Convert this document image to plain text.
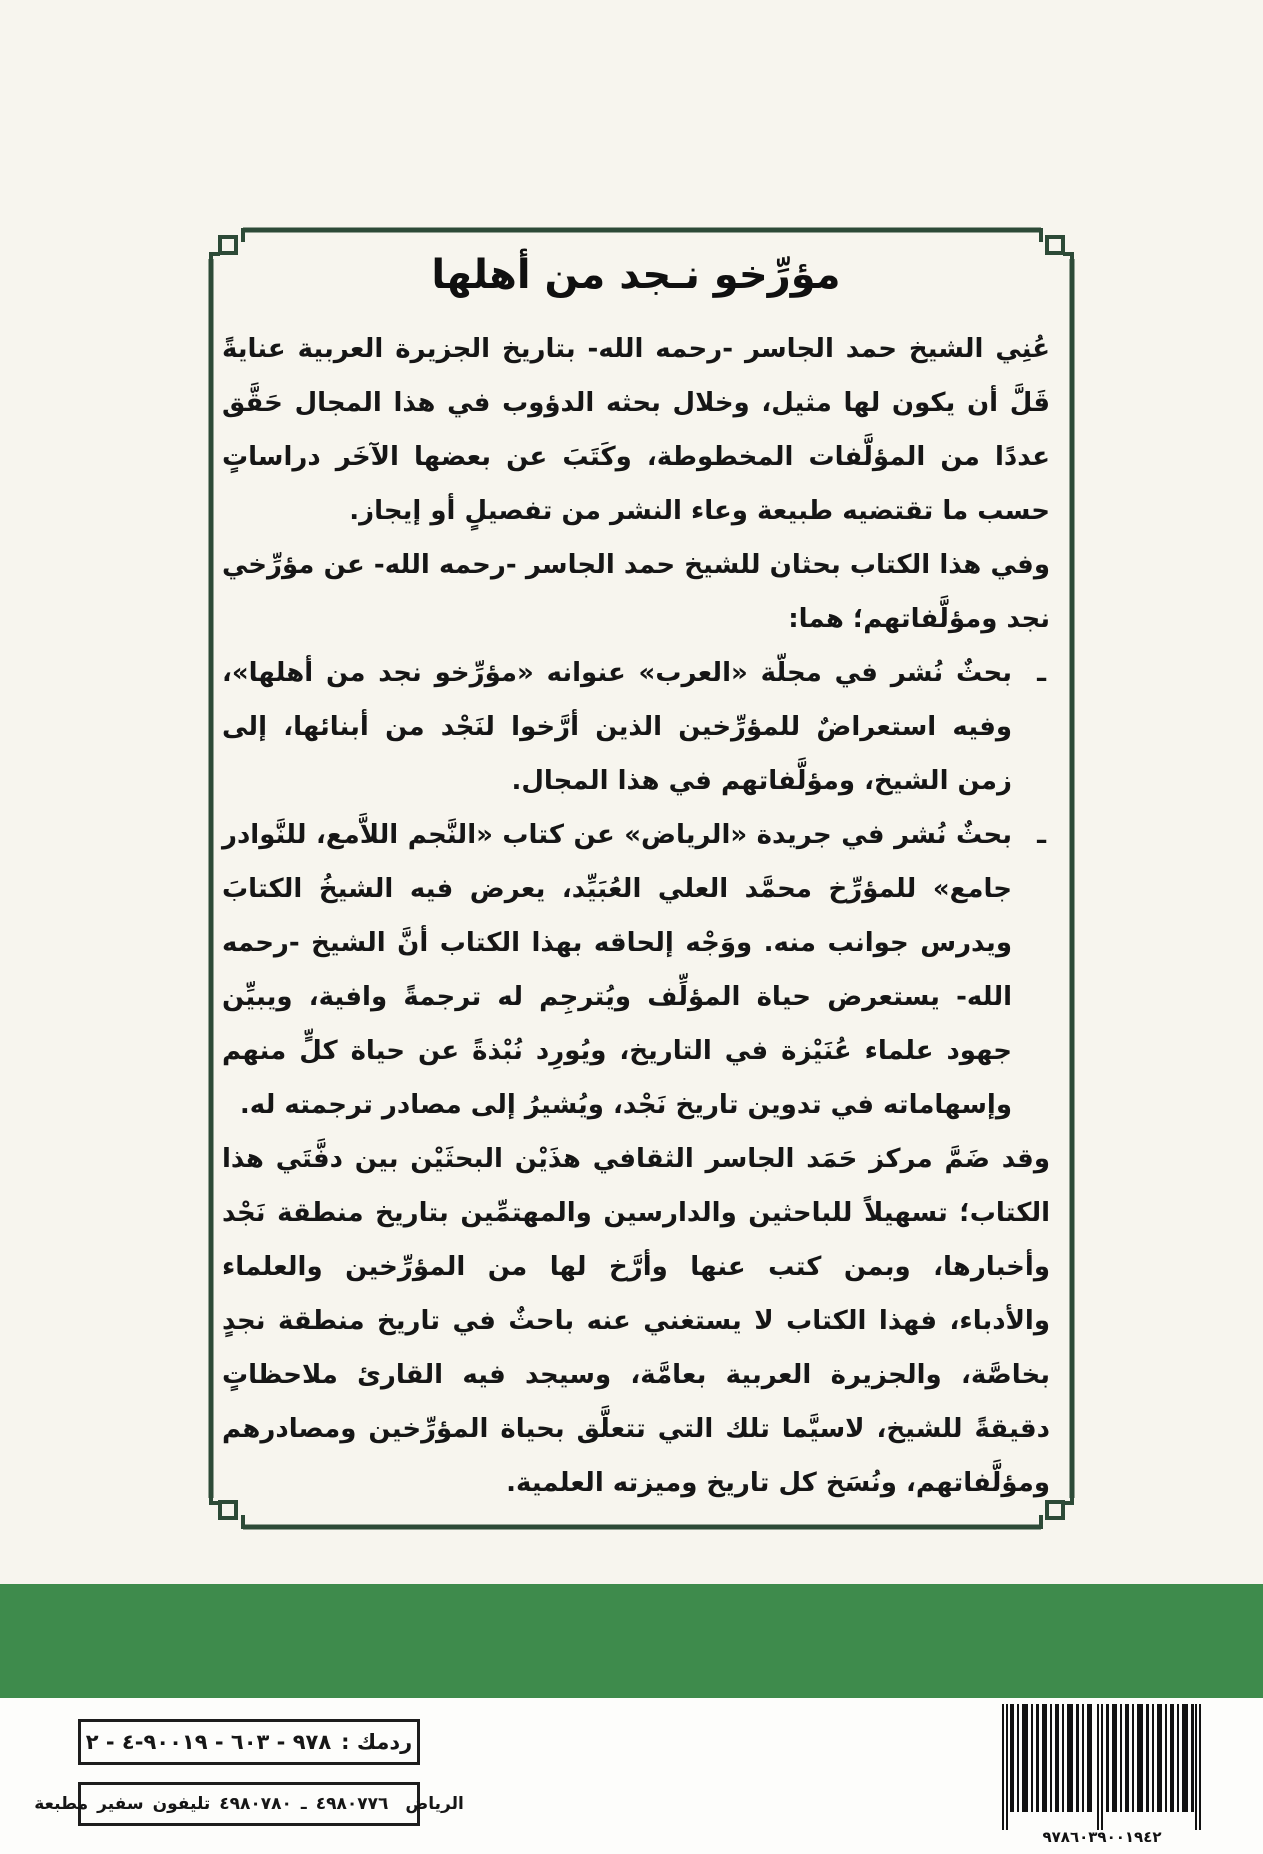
مؤرِّخو نـجد من أهلها

عُنِي الشيخ حمد الجاسر -رحمه الله- بتاريخ الجزيرة العربية عنايةً قَلَّ أن يكون لها مثيل، وخلال بحثه الدؤوب في هذا المجال حَقَّق عددًا من المؤلَّفات المخطوطة، وكَتَبَ عن بعضها الآخَر دراساتٍ حسب ما تقتضيه طبيعة وعاء النشر من تفصيلٍ أو إيجاز.

وفي هذا الكتاب بحثان للشيخ حمد الجاسر -رحمه الله- عن مؤرِّخي نجد ومؤلَّفاتهم؛ هما:

ـ
بحثٌ نُشر في مجلّة «العرب» عنوانه «مؤرِّخو نجد من أهلها»، وفيه استعراضٌ للمؤرِّخين الذين أرَّخوا لنَجْد من أبنائها، إلى زمن الشيخ، ومؤلَّفاتهم في هذا المجال.

ـ
بحثٌ نُشر في جريدة «الرياض» عن كتاب «النَّجم اللاَّمع، للنَّوادر جامع» للمؤرِّخ محمَّد العلي العُبَيِّد، يعرض فيه الشيخُ الكتابَ ويدرس جوانب منه. ووَجْه إلحاقه بهذا الكتاب أنَّ الشيخ -رحمه الله- يستعرض حياة المؤلِّف ويُترجِم له ترجمةً وافية، ويبيِّن جهود علماء عُنَيْزة في التاريخ، ويُورِد نُبْذةً عن حياة كلٍّ منهم وإسهاماته في تدوين تاريخ نَجْد، ويُشيرُ إلى مصادر ترجمته له.

وقد ضَمَّ مركز حَمَد الجاسر الثقافي هذَيْن البحثَيْن بين دفَّتَي هذا الكتاب؛ تسهيلاً للباحثين والدارسين والمهتمِّين بتاريخ منطقة نَجْد وأخبارها، وبمن كتب عنها وأرَّخ لها من المؤرِّخين والعلماء والأدباء، فهذا الكتاب لا يستغني عنه باحثٌ في تاريخ منطقة نجدٍ بخاصَّة، والجزيرة العربية بعامَّة، وسيجد فيه القارئ ملاحظاتٍ دقيقةً للشيخ، لاسيَّما تلك التي تتعلَّق بحياة المؤرِّخين ومصادرهم ومؤلَّفاتهم، ونُسَخ كل تاريخ وميزته العلمية.

ردمك :
٩٧٨ - ٦٠٣ - ٩٠٠١٩-٤ - ٢
مطبعة سفير تليفون ٤٩٨٠٧٨٠ ـ ٤٩٨٠٧٧٦ الرياض
٩٧٨٦٠٣٩٠٠١٩٤٢
